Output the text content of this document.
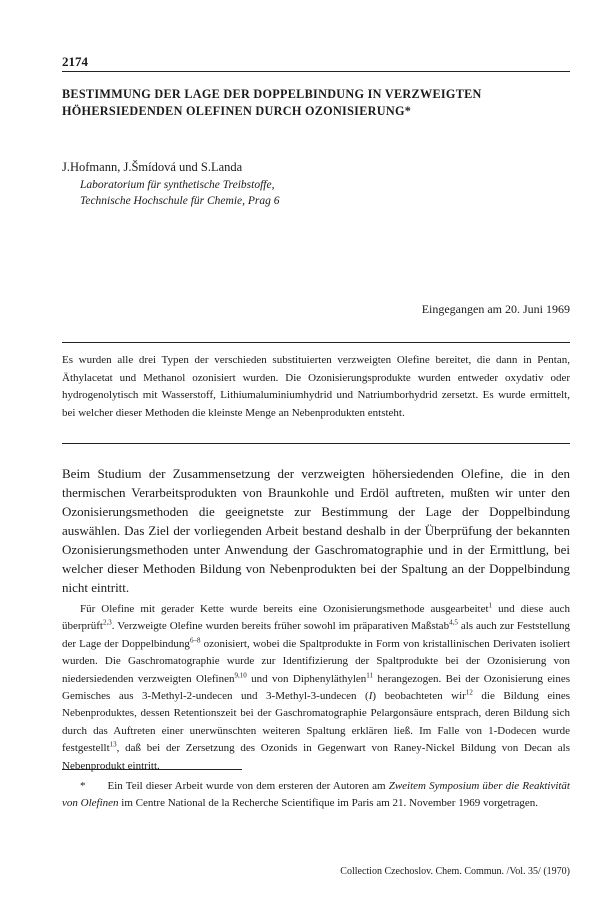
2174
BESTIMMUNG DER LAGE DER DOPPELBINDUNG IN VERZWEIGTEN HÖHERSIEDENDEN OLEFINEN DURCH OZONISIERUNG*
J.Hofmann, J.Šmídová und S.Landa
Laboratorium für synthetische Treibstoffe,
Technische Hochschule für Chemie, Prag 6
Eingegangen am 20. Juni 1969
Es wurden alle drei Typen der verschieden substituierten verzweigten Olefine bereitet, die dann in Pentan, Äthylacetat und Methanol ozonisiert wurden. Die Ozonisierungsprodukte wurden entweder oxydativ oder hydrogenolytisch mit Wasserstoff, Lithiumaluminiumhydrid und Natriumborhydrid zersetzt. Es wurde ermittelt, bei welcher dieser Methoden die kleinste Menge an Nebenprodukten entsteht.
Beim Studium der Zusammensetzung der verzweigten höhersiedenden Olefine, die in den thermischen Verarbeitsprodukten von Braunkohle und Erdöl auftreten, mußten wir unter den Ozonisierungsmethoden die geeignetste zur Bestimmung der Lage der Doppelbindung auswählen. Das Ziel der vorliegenden Arbeit bestand deshalb in der Überprüfung der bekannten Ozonisierungsmethoden unter Anwendung der Gaschromatographie und in der Ermittlung, bei welcher dieser Methoden Bildung von Nebenprodukten bei der Spaltung an der Doppelbindung nicht eintritt.
Für Olefine mit gerader Kette wurde bereits eine Ozonisierungsmethode ausgearbeitet$^1$ und diese auch überprüft$^{2,3}$. Verzweigte Olefine wurden bereits früher sowohl im präparativen Maßstab$^{4,5}$ als auch zur Feststellung der Lage der Doppelbindung$^{6-8}$ ozonisiert, wobei die Spaltprodukte in Form von kristallinischen Derivaten isoliert wurden. Die Gaschromatographie wurde zur Identifizierung der Spaltprodukte bei der Ozonisierung von niedersiedenden verzweigten Olefinen$^{9,10}$ und von Diphenyläthylen$^{11}$ herangezogen. Bei der Ozonisierung eines Gemisches aus 3-Methyl-2-undecen und 3-Methyl-3-undecen (I) beobachteten wir$^{12}$ die Bildung eines Nebenproduktes, dessen Retentionszeit bei der Gaschromatographie Pelargonsäure entsprach, deren Bildung sich durch das Auftreten einer unerwünschten weiteren Spaltung erklären ließ. Im Falle von 1-Dodecen wurde festgestellt$^{13}$, daß bei der Zersetzung des Ozonids in Gegenwart von Raney-Nickel Bildung von Decan als Nebenprodukt eintritt.
* Ein Teil dieser Arbeit wurde von dem ersteren der Autoren am Zweitem Symposium über die Reaktivität von Olefinen im Centre National de la Recherche Scientifique im Paris am 21. November 1969 vorgetragen.
Collection Czechoslov. Chem. Commun. /Vol. 35/ (1970)
